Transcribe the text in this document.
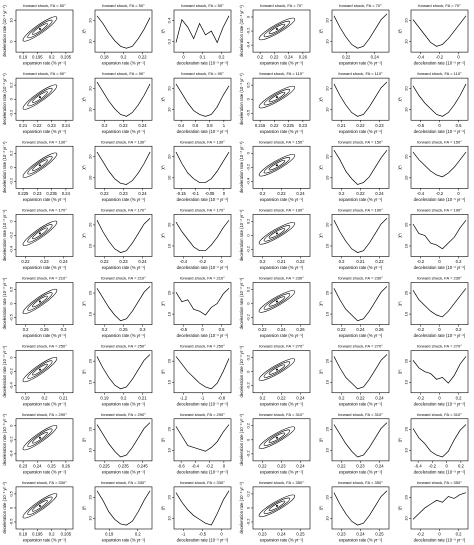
forward shock, FA = 50°
0.19 0.195 0.2 0.205
0
10
expansion rate (% yr⁻¹)
deceleration rate (10⁻³ yr⁻²)	forward shock, FA = 50°
0.18	0.2	0.22
10
20
expansion rate (% yr⁻¹)
χ²ᵣ
forward shock, FA = 50°
0	0.1	0.2
0.2
0.4
deceleration rate (10⁻³ yr⁻²)
χ²ᵣ
forward shock, FA = 70°
0.2 0.22 0.24 0.26
-0.4
-0.2
0
expansion rate (% yr⁻¹)
deceleration rate (10⁻³ yr⁻²)	forward shock, FA = 70°
0.22	0.24
10
20
expansion rate (% yr⁻¹)
χ²ᵣ
forward shock, FA = 70°
-0.4	-0.2	0
10
20
deceleration rate (10⁻³ yr⁻²)
χ²ᵣ
forward shock, FA = 90°
0.21 0.22 0.23 0.24
-0.2
0
0.2
expansion rate (% yr⁻¹)
deceleration rate (10⁻³ yr⁻²)	forward shock, FA = 90°
0.2	0.22	0.24
10
20
expansion rate (% yr⁻¹)
χ²ᵣ
forward shock, FA = 90°
0.4 0.6 0.8 1
10
20
deceleration rate (10⁻³ yr⁻²)
χ²ᵣ
forward shock, FA = 110°
0.215 0.22 0.225 0.23
-0.5
0
0.5
expansion rate (% yr⁻¹)
deceleration rate (10⁻³ yr⁻²)	forward shock, FA = 110°
0.21	0.22	0.23
10
20
expansion rate (% yr⁻¹)
χ²ᵣ
forward shock, FA = 110°
-0.5	0	0.5
10
20
deceleration rate (10⁻³ yr⁻²)
χ²ᵣ
forward shock, FA = 130°
0.225 0.23 0.235 0.24
-0.2
0
0.2
expansion rate (% yr⁻¹)
deceleration rate (10⁻³ yr⁻²)	forward shock, FA = 130°
0.22	0.23	0.24
10
20
expansion rate (% yr⁻¹)
χ²ᵣ
forward shock, FA = 130°
-0.15 -0.1 -0.05 0
10
20
deceleration rate (10⁻³ yr⁻²)
χ²ᵣ
forward shock, FA = 150°
0.2	0.22	0.24
-0.4
-0.2
0
expansion rate (% yr⁻¹)
deceleration rate (10⁻³ yr⁻²)	forward shock, FA = 150°
0.2	0.22	0.24
10
20
expansion rate (% yr⁻¹)
χ²ᵣ
forward shock, FA = 150°
-0.4	-0.2	0
10
20
deceleration rate (10⁻³ yr⁻²)
χ²ᵣ
forward shock, FA = 170°
0.22	0.23	0.24
-0.4
-0.2
0
expansion rate (% yr⁻¹)
deceleration rate (10⁻³ yr⁻²)	forward shock, FA = 170°
0.22	0.23	0.24
10
20
expansion rate (% yr⁻¹)
χ²ᵣ
forward shock, FA = 170°
-0.4	-0.2	0
10
20
deceleration rate (10⁻³ yr⁻²)
χ²ᵣ
forward shock, FA = 190°
0.2	0.21	0.22
-0.2
0
0.2
expansion rate (% yr⁻¹)
deceleration rate (10⁻³ yr⁻²)	forward shock, FA = 190°
0.2	0.21	0.22
10
20
expansion rate (% yr⁻¹)
χ²ᵣ
forward shock, FA = 190°
-0.2	0	0.2
10
20
deceleration rate (10⁻³ yr⁻²)
χ²ᵣ
forward shock, FA = 210°
0.2	0.25	0.3
-0.5
0
0.5
expansion rate (% yr⁻¹)
deceleration rate (10⁻³ yr⁻²)	forward shock, FA = 210°
0.2	0.25	0.3
10
20
expansion rate (% yr⁻¹)
χ²ᵣ
forward shock, FA = 210°
-0.5	0	0.5
10
20
deceleration rate (10⁻³ yr⁻²)
χ²ᵣ
forward shock, FA = 230°
0.22	0.24	0.26
-0.2
0
0.2
expansion rate (% yr⁻¹)
deceleration rate (10⁻³ yr⁻²)	forward shock, FA = 230°
0.22	0.24	0.26
10
20
expansion rate (% yr⁻¹)
χ²ᵣ
forward shock, FA = 230°
-0.2	0	0.2
10
20
deceleration rate (10⁻³ yr⁻²)
χ²ᵣ
forward shock, FA = 250°
0.19	0.2	0.21
-0.4
-0.2
0
expansion rate (% yr⁻¹)
deceleration rate (10⁻³ yr⁻²)	forward shock, FA = 250°
0.19	0.2	0.21
10
20
expansion rate (% yr⁻¹)
χ²ᵣ
forward shock, FA = 250°
-1.2	-1	-0.8
10
20
deceleration rate (10⁻³ yr⁻²)
χ²ᵣ
forward shock, FA = 270°
0.2	0.22	0.24
-0.2
0
0.2
expansion rate (% yr⁻¹)
deceleration rate (10⁻³ yr⁻²)	forward shock, FA = 270°
0.2	0.22	0.24
10
20
expansion rate (% yr⁻¹)
χ²ᵣ
forward shock, FA = 270°
-0.2	0	0.2
10
20
deceleration rate (10⁻³ yr⁻²)
χ²ᵣ
forward shock, FA = 290°
0.23 0.24 0.25 0.26
-0.4
-0.2
0
expansion rate (% yr⁻¹)
deceleration rate (10⁻³ yr⁻²)	forward shock, FA = 290°
0.225 0.235 0.245
10
20
expansion rate (% yr⁻¹)
χ²ᵣ
forward shock, FA = 290°
-0.6 -0.4 -0.2 0
10
20
deceleration rate (10⁻³ yr⁻²)
χ²ᵣ
forward shock, FA = 310°
0.22	0.23	0.24
-0.2
0
0.2
expansion rate (% yr⁻¹)
deceleration rate (10⁻³ yr⁻²)	forward shock, FA = 310°
0.22	0.23	0.24
10
20
expansion rate (% yr⁻¹)
χ²ᵣ
forward shock, FA = 310°
-0.4 -0.2 0 0.2
10
20
deceleration rate (10⁻³ yr⁻²)
χ²ᵣ
forward shock, FA = 330°
0.19 0.195 0.2 0.205
-0.5
0
0.5
expansion rate (% yr⁻¹)
deceleration rate (10⁻³ yr⁻²)	forward shock, FA = 330°
0.19	0.2
10
20
expansion rate (% yr⁻¹)
χ²ᵣ
forward shock, FA = 330°
-1	-0.5	0
10
20
deceleration rate (10⁻³ yr⁻²)
χ²ᵣ
forward shock, FA = 350°
0.23	0.24	0.25
-0.2
0
0.2
expansion rate (% yr⁻¹)
deceleration rate (10⁻³ yr⁻²)	forward shock, FA = 350°
0.23	0.24	0.25
10
20
expansion rate (% yr⁻¹)
χ²ᵣ
forward shock, FA = 350°
-0.2	0	0.2
10
20
deceleration rate (10⁻³ yr⁻²)
χ²ᵣ
